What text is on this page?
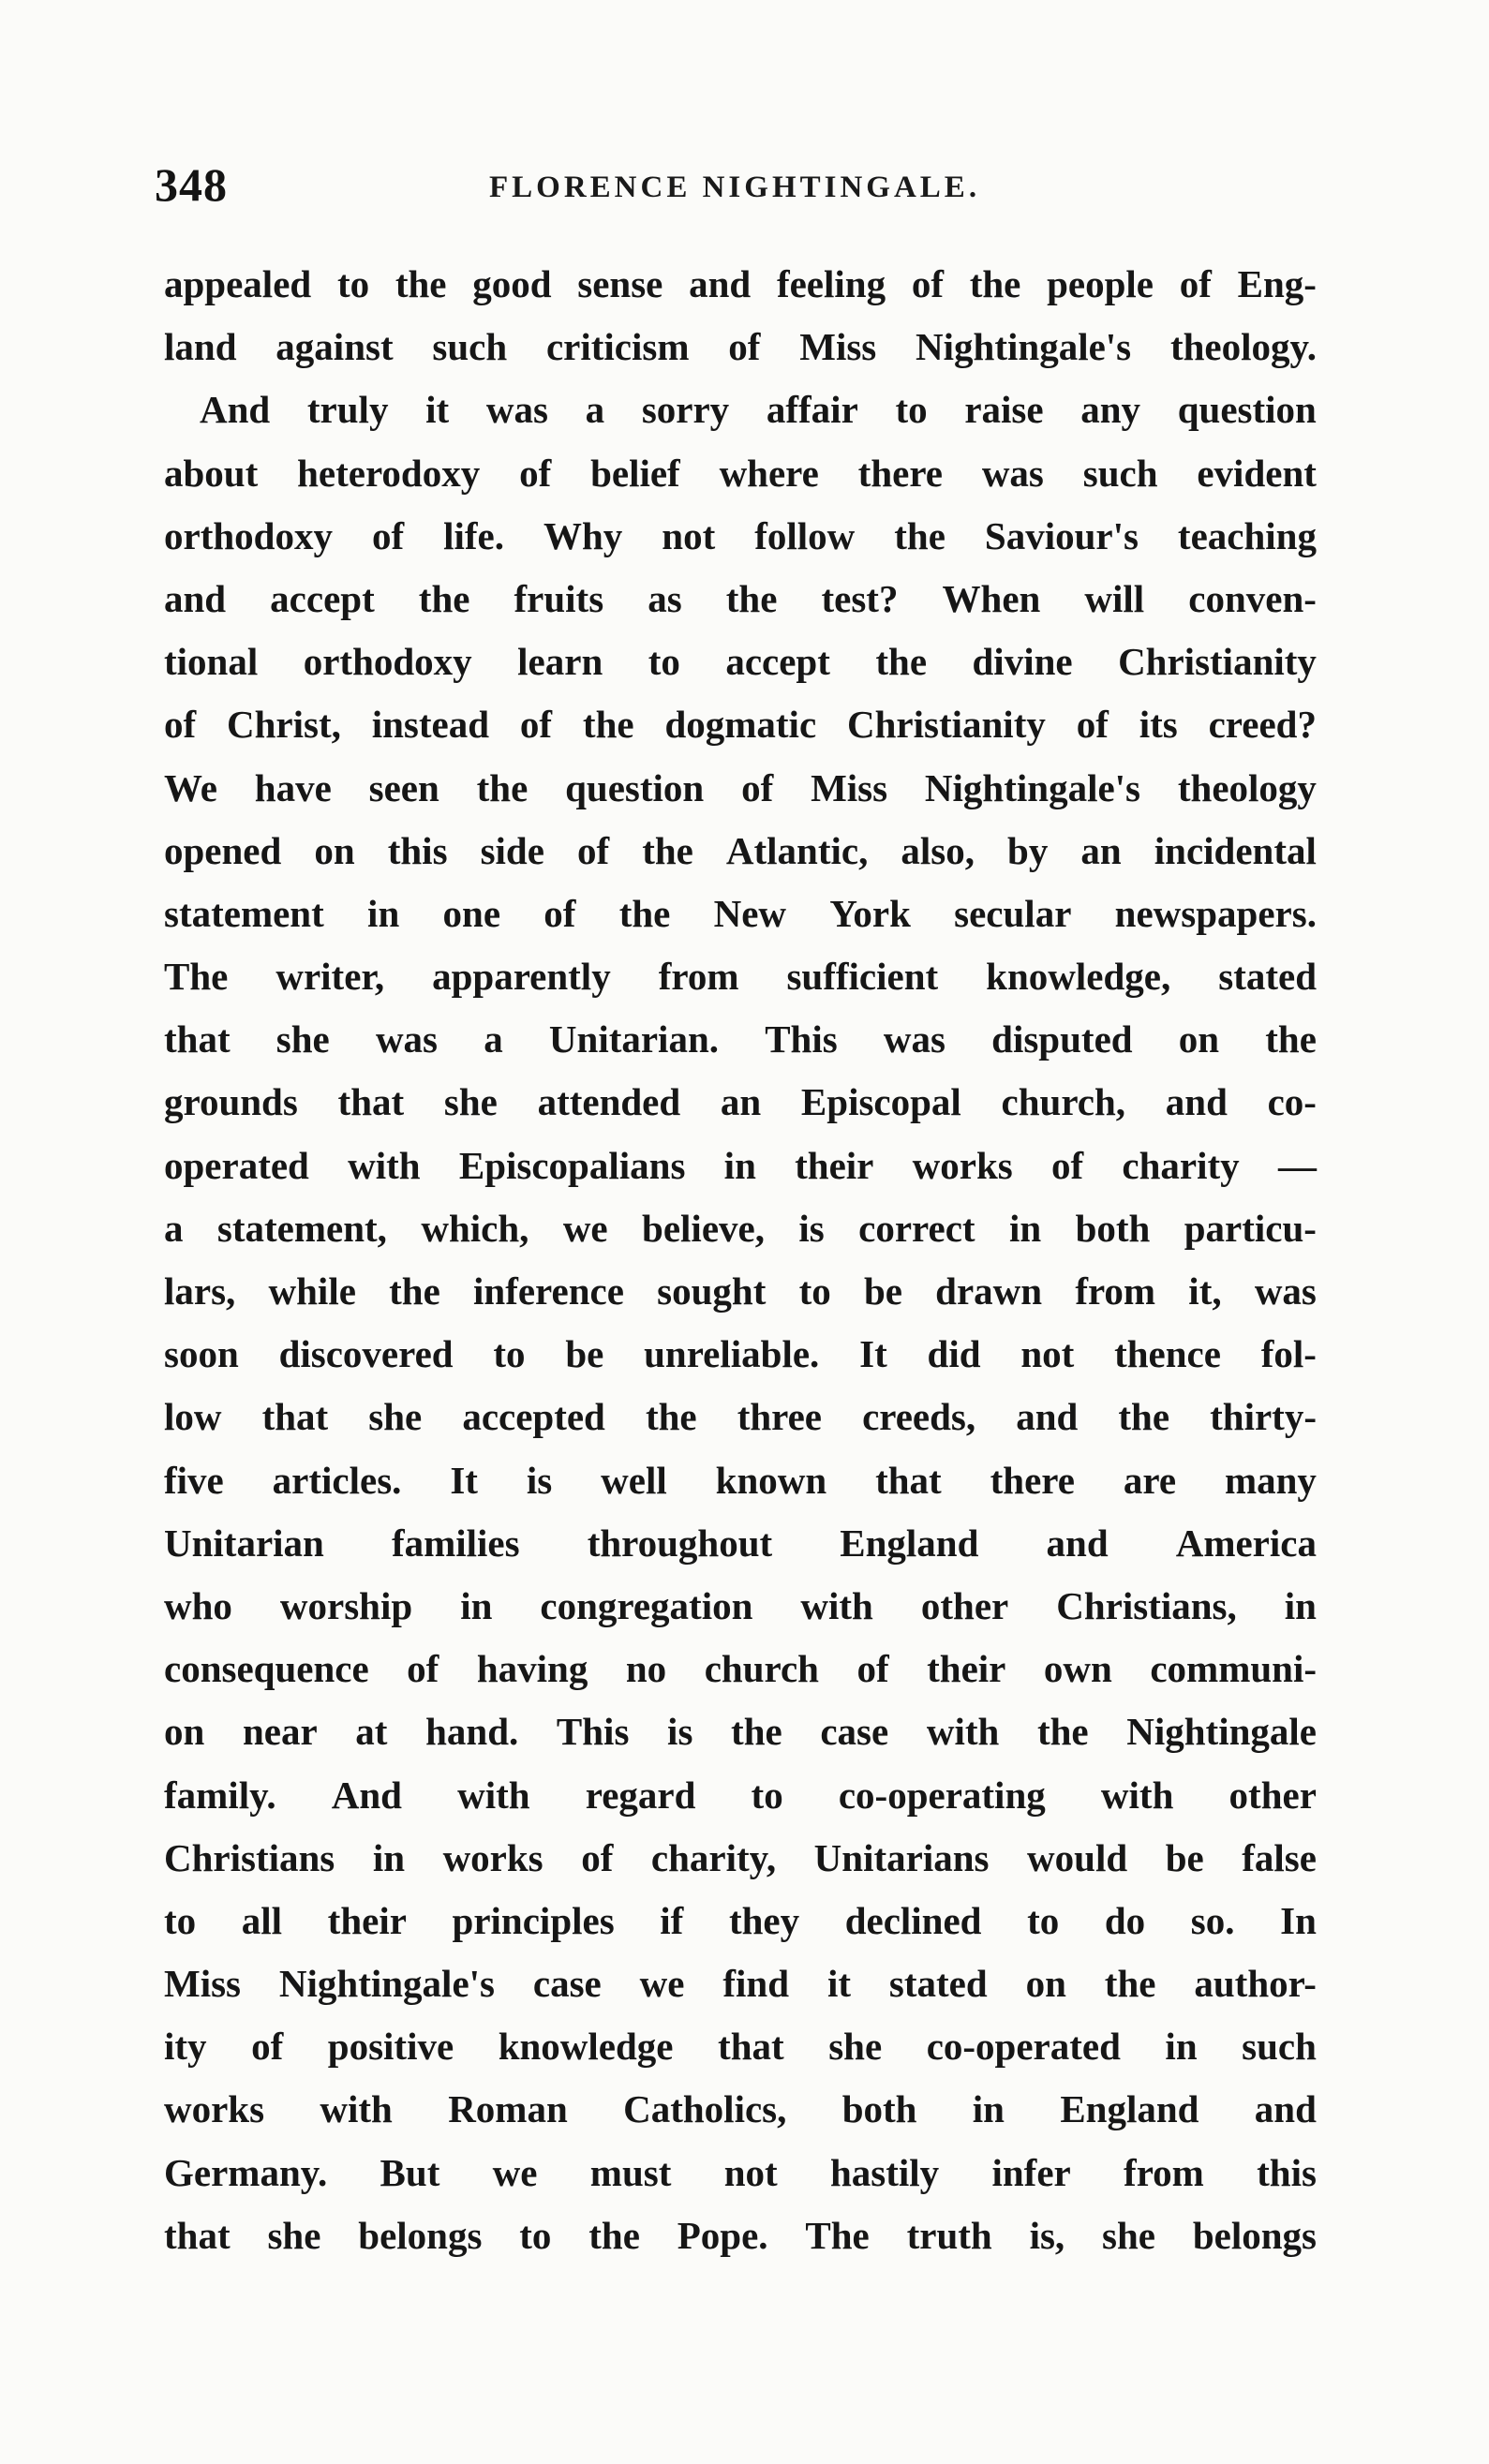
348	FLORENCE NIGHTINGALE.
appealed to the good sense and feeling of the people of Eng-
land against such criticism of Miss Nightingale's theology.
And truly it was a sorry affair to raise any question
about heterodoxy of belief where there was such evident
orthodoxy of life. Why not follow the Saviour's teaching
and accept the fruits as the test? When will conven-
tional orthodoxy learn to accept the divine Christianity
of Christ, instead of the dogmatic Christianity of its creed?
We have seen the question of Miss Nightingale's theology
opened on this side of the Atlantic, also, by an incidental
statement in one of the New York secular newspapers.
The writer, apparently from sufficient knowledge, stated
that she was a Unitarian. This was disputed on the
grounds that she attended an Episcopal church, and co-
operated with Episcopalians in their works of charity —
a statement, which, we believe, is correct in both particu-
lars, while the inference sought to be drawn from it, was
soon discovered to be unreliable. It did not thence fol-
low that she accepted the three creeds, and the thirty-
five articles. It is well known that there are many
Unitarian families throughout England and America
who worship in congregation with other Christians, in
consequence of having no church of their own communi-
on near at hand. This is the case with the Nightingale
family. And with regard to co-operating with other
Christians in works of charity, Unitarians would be false
to all their principles if they declined to do so. In
Miss Nightingale's case we find it stated on the author-
ity of positive knowledge that she co-operated in such
works with Roman Catholics, both in England and
Germany. But we must not hastily infer from this
that she belongs to the Pope. The truth is, she belongs
